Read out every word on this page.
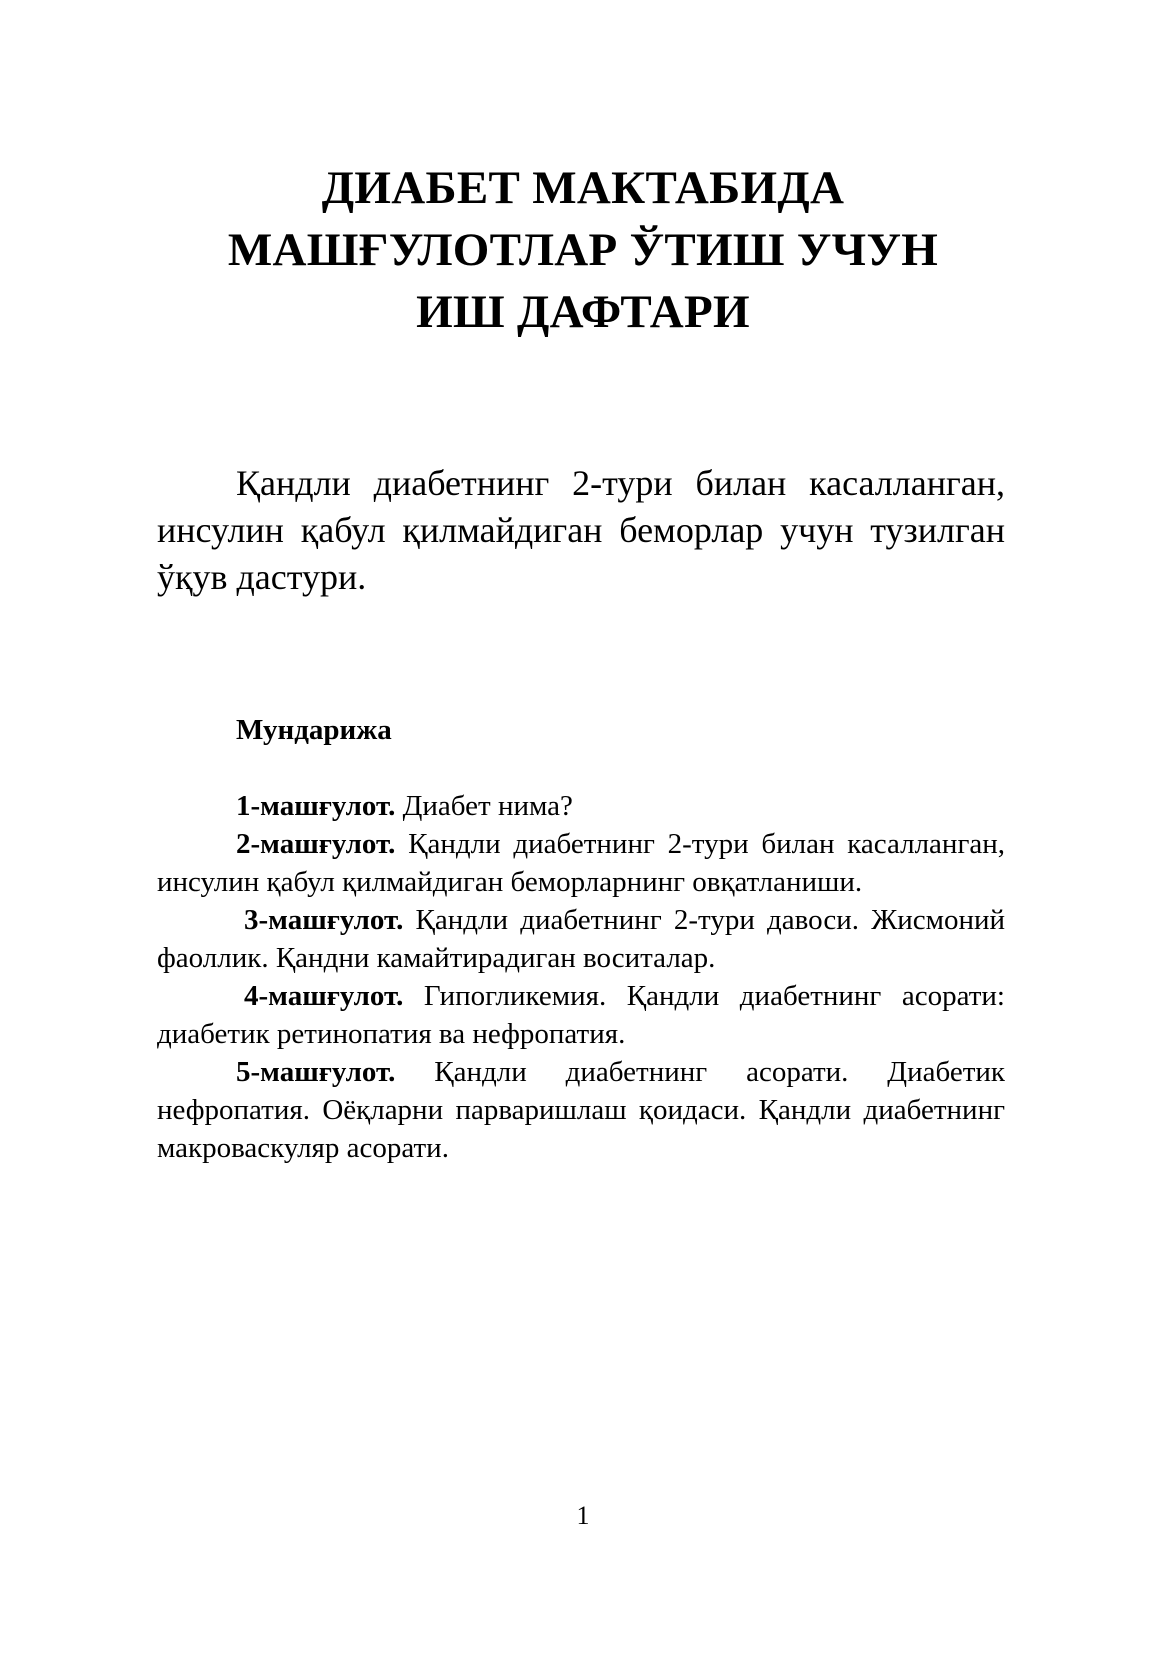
ДИАБЕТ МАКТАБИДА
МАШҒУЛОТЛАР ЎТИШ УЧУН
ИШ ДАФТАРИ

Қандли диабетнинг 2-тури билан касалланган, инсулин қабул қилмайдиган беморлар учун тузилган ўқув дастури.

Мундарижа

1-машғулот. Диабет нима?

2-машғулот. Қандли диабетнинг 2-тури билан касалланган, инсулин қабул қилмайдиган беморларнинг овқатланиши.

3-машғулот. Қандли диабетнинг 2-тури давоси. Жисмоний фаоллик. Қандни камайтирадиган воситалар.

4-машғулот. Гипогликемия. Қандли диабетнинг асорати: диабетик ретинопатия ва нефропатия.

5-машғулот. Қандли диабетнинг асорати. Диабетик нефропатия. Оёқларни парваришлаш қоидаси. Қандли диабетнинг макроваскуляр асорати.

1
